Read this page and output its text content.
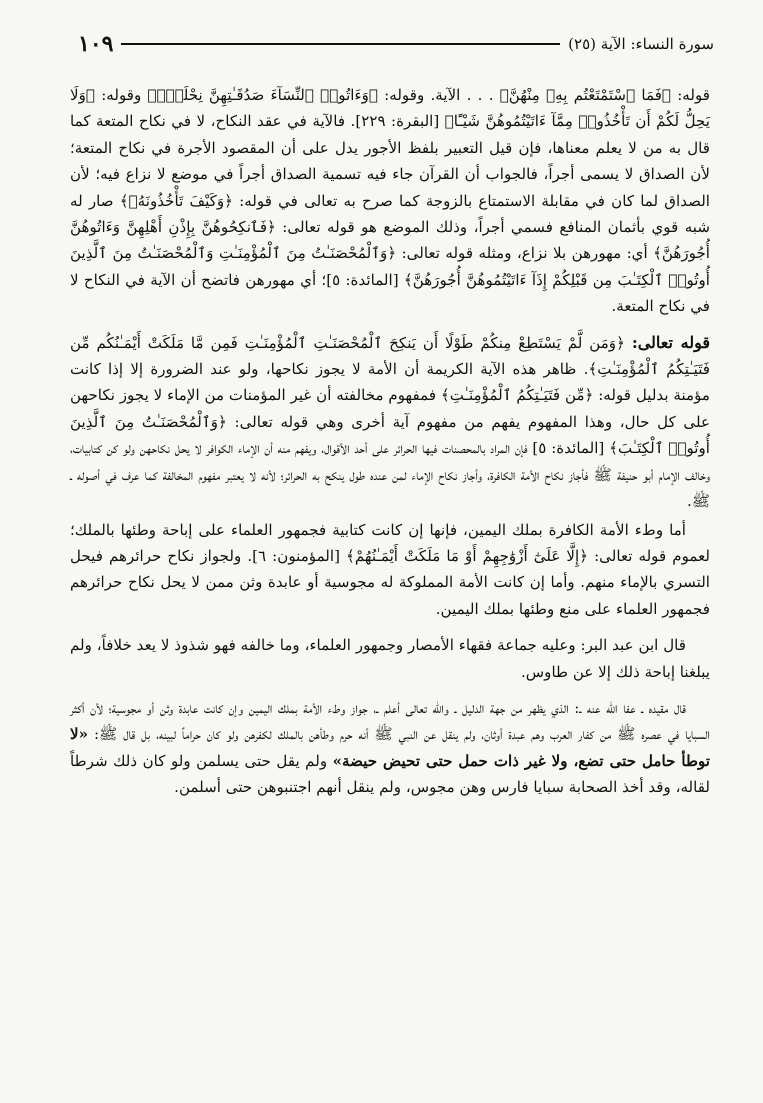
سورة النساء: الآية (٢٥)
١٠٩

قوله: ﴿فَمَا ٱسْتَمْتَعْتُم بِهِۦ مِنْهُنَّ﴾ . . . الآية. وقوله: ﴿وَءَاتُوا۟ ٱلنِّسَآءَ صَدُقَـٰتِهِنَّ نِحْلَةًۚ﴾ وقوله: ﴿وَلَا يَحِلُّ لَكُمْ أَن تَأْخُذُوا۟ مِمَّآ ءَاتَيْتُمُوهُنَّ شَيْـًٔا﴾ [البقرة: ٢٢٩]. فالآية في عقد النكاح، لا في نكاح المتعة كما قال به من لا يعلم معناها، فإن قيل التعبير بلفظ الأجور يدل على أن المقصود الأجرة في نكاح المتعة؛ لأن الصداق لا يسمى أجراً، فالجواب أن القرآن جاء فيه تسمية الصداق أجراً في موضع لا نزاع فيه؛ لأن الصداق لما كان في مقابلة الاستمتاع بالزوجة كما صرح به تعالى في قوله: ﴿وَكَيْفَ تَأْخُذُونَهُۥ﴾ صار له شبه قوي بأثمان المنافع فسمي أجراً، وذلك الموضع هو قوله تعالى: ﴿فَٱنكِحُوهُنَّ بِإِذْنِ أَهْلِهِنَّ وَءَاتُوهُنَّ أُجُورَهُنَّ﴾ أي: مهورهن بلا نزاع، ومثله قوله تعالى: ﴿وَٱلْمُحْصَنَـٰتُ مِنَ ٱلْمُؤْمِنَـٰتِ وَٱلْمُحْصَنَـٰتُ مِنَ ٱلَّذِينَ أُوتُوا۟ ٱلْكِتَـٰبَ مِن قَبْلِكُمْ إِذَآ ءَاتَيْتُمُوهُنَّ أُجُورَهُنَّ﴾ [المائدة: ٥]؛ أي مهورهن فاتضح أن الآية في النكاح لا في نكاح المتعة.

قوله تعالى: ﴿وَمَن لَّمْ يَسْتَطِعْ مِنكُمْ طَوْلًا أَن يَنكِحَ ٱلْمُحْصَنَـٰتِ ٱلْمُؤْمِنَـٰتِ فَمِن مَّا مَلَكَتْ أَيْمَـٰنُكُم مِّن فَتَيَـٰتِكُمُ ٱلْمُؤْمِنَـٰتِ﴾. ظاهر هذه الآية الكريمة أن الأمة لا يجوز نكاحها، ولو عند الضرورة إلا إذا كانت مؤمنة بدليل قوله: ﴿مِّن فَتَيَـٰتِكُمُ ٱلْمُؤْمِنَـٰتِ﴾ فمفهوم مخالفته أن غير المؤمنات من الإماء لا يجوز نكاحهن على كل حال، وهذا المفهوم يفهم من مفهوم آية أخرى وهي قوله تعالى: ﴿وَٱلْمُحْصَنَـٰتُ مِنَ ٱلَّذِينَ أُوتُوا۟ ٱلْكِتَـٰبَ﴾ [المائدة: ٥] فإن المراد بالمحصنات فيها الحرائر على أحد الأقوال، ويفهم منه أن الإماء الكوافر لا يحل نكاحهن ولو كن كتابيات، وخالف الإمام أبو حنيفة ﷺ فأجاز نكاح الأمة الكافرة، وأجاز نكاح الإماء لمن عنده طول ينكح به الحرائر؛ لأنه لا يعتبر مفهوم المخالفة كما عرف في أصوله ـ ﷺ.

أما وطء الأمة الكافرة بملك اليمين، فإنها إن كانت كتابية فجمهور العلماء على إباحة وطئها بالملك؛ لعموم قوله تعالى: ﴿إِلَّا عَلَىٰٓ أَزْوَٰجِهِمْ أَوْ مَا مَلَكَتْ أَيْمَـٰنُهُمْ﴾ [المؤمنون: ٦]. ولجواز نكاح حرائرهم فيحل التسري بالإماء منهم. وأما إن كانت الأمة المملوكة له مجوسية أو عابدة وثن ممن لا يحل نكاح حرائرهم فجمهور العلماء على منع وطئها بملك اليمين.

قال ابن عبد البر: وعليه جماعة فقهاء الأمصار وجمهور العلماء، وما خالفه فهو شذوذ لا يعد خلافاً، ولم يبلغنا إباحة ذلك إلا عن طاوس.

قال مقيده ـ عفا الله عنه ـ: الذي يظهر من جهة الدليل ـ والله تعالى أعلم ـ، جواز وطء الأمة بملك اليمين وإن كانت عابدة وثن أو مجوسية؛ لأن أكثر السبايا في عصره ﷺ من كفار العرب وهم عبدة أوثان، ولم ينقل عن النبي ﷺ أنه حرم وطأهن بالملك لكفرهن ولو كان حراماً لبينه، بل قال ﷺ: «لا توطأ حامل حتى تضع، ولا غير ذات حمل حتى تحيض حيضة» ولم يقل حتى يسلمن ولو كان ذلك شرطاً لقاله، وقد أخذ الصحابة سبايا فارس وهن مجوس، ولم ينقل أنهم اجتنبوهن حتى أسلمن.
